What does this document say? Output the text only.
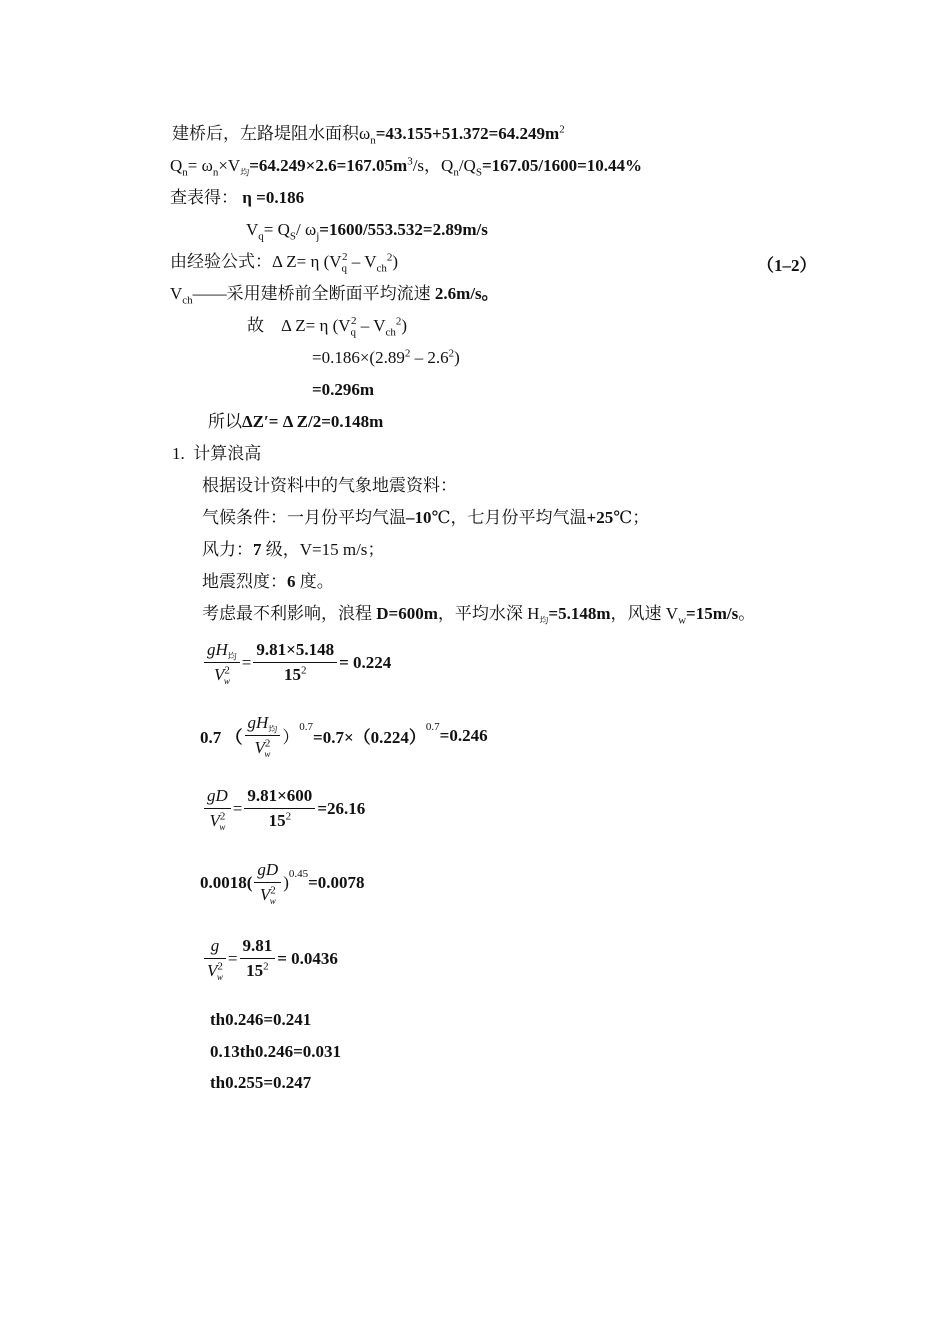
建桥后，左路堤阻水面积$\omega_n=43.155+51.372=64.249m^2$
$Q_n= \omega_n\times V_均=64.249\times 2.6=167.05m^3/s$，$Q_n/Q_S=167.05/1600=10.44\%$
查表得： η =0.186
$V_q= Q_S/$ $\omega_j=1600/553.532=2.89m/s$
由经验公式：Δ Z= η $(V_q^2 - V_{ch}^2)$	（1–2）
$V_{ch}——$采用建桥前全断面平均流速 2.6m/s。
故 Δ Z= η $(V_q^2 - V_{ch}^2)$
$=0.186\times(2.89^2 - 2.6^2)$
=0.296m
所以ΔZ′= Δ Z/2=0.148m
1. 计算浪高
根据设计资料中的气象地震资料：
气候条件：一月份平均气温–10℃，七月份平均气温+25℃；
风力：7 级，V=15 m/s；
地震烈度：6 度。
考虑最不利影响，浪程 D=600m，平均水深 $H_均=5.148m$，风速 $V_w=15m/s$。
$\frac{gH_均}{V^2_w} = \frac{9.81\times 5.148}{15^2} = 0.224$
0.7 （ $\frac{gH_均}{V^2_w}$ ）
0.7
=0.7×（0.224）
0.7 =0.246
$\frac{gD}{V^2_w} = \frac{9.81\times 600}{15^2} =26.16$
$0.0018( \frac{gD}{V^2_w}$ ) 0.45 =0.0078
$\frac{g}{V^2_w} = \frac{9.81}{15^2} = 0.0436$
th0.246=0.241
0.13th0.246=0.031
th0.255=0.247
